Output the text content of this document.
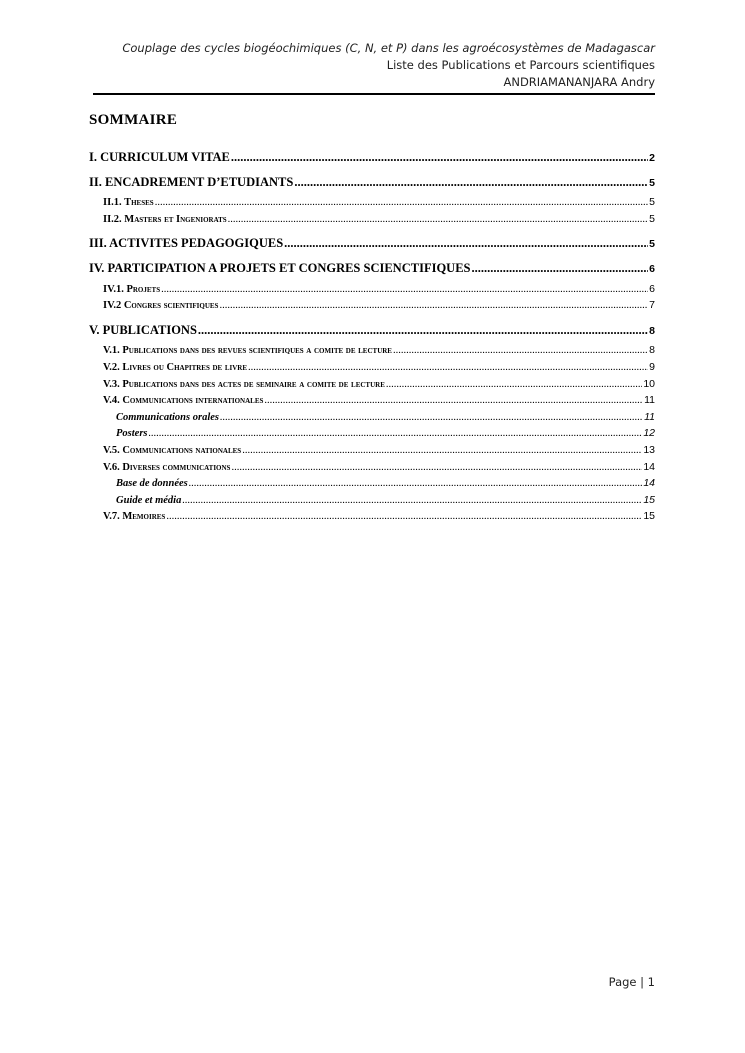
Couplage des cycles biogéochimiques (C, N, et P) dans les agroécosystèmes de Madagascar
Liste des Publications et Parcours scientifiques
ANDRIAMANANJARA Andry
SOMMAIRE
I. CURRICULUM VITAE .....	2
II. ENCADREMENT D’ETUDIANTS .....	5
II.1. Theses .....	5
II.2. Masters et Ingeniorats .....	5
III. ACTIVITES PEDAGOGIQUES .....	5
IV. PARTICIPATION A PROJETS ET CONGRES SCIENCTIFIQUES .....	6
IV.1. Projets .....	6
IV.2 Congres scientifiques .....	7
V. PUBLICATIONS .....	8
V.1. Publications dans des revues scientifiques a comite de lecture .....	8
V.2. Livres ou Chapitres de livre .....	9
V.3. Publications dans des actes de seminaire a comite de lecture .....	10
V.4. Communications internationales .....	11
Communications orales .....	11
Posters .....	12
V.5. Communications nationales .....	13
V.6. Diverses communications .....	14
Base de données .....	14
Guide et média .....	15
V.7. Memoires .....	15
Page | 1
